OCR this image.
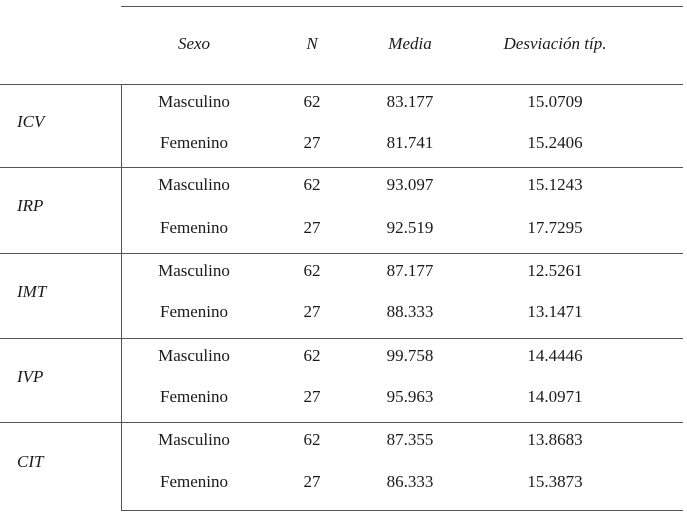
Sexo	N	Media	Desviación típ.
ICV
Masculino	62	83.177	15.0709
Femenino	27	81.741	15.2406
IRP
Masculino	62	93.097	15.1243
Femenino	27	92.519	17.7295
IMT
Masculino	62	87.177	12.5261
Femenino	27	88.333	13.1471
IVP
Masculino	62	99.758	14.4446
Femenino	27	95.963	14.0971
CIT
Masculino	62	87.355	13.8683
Femenino	27	86.333	15.3873
